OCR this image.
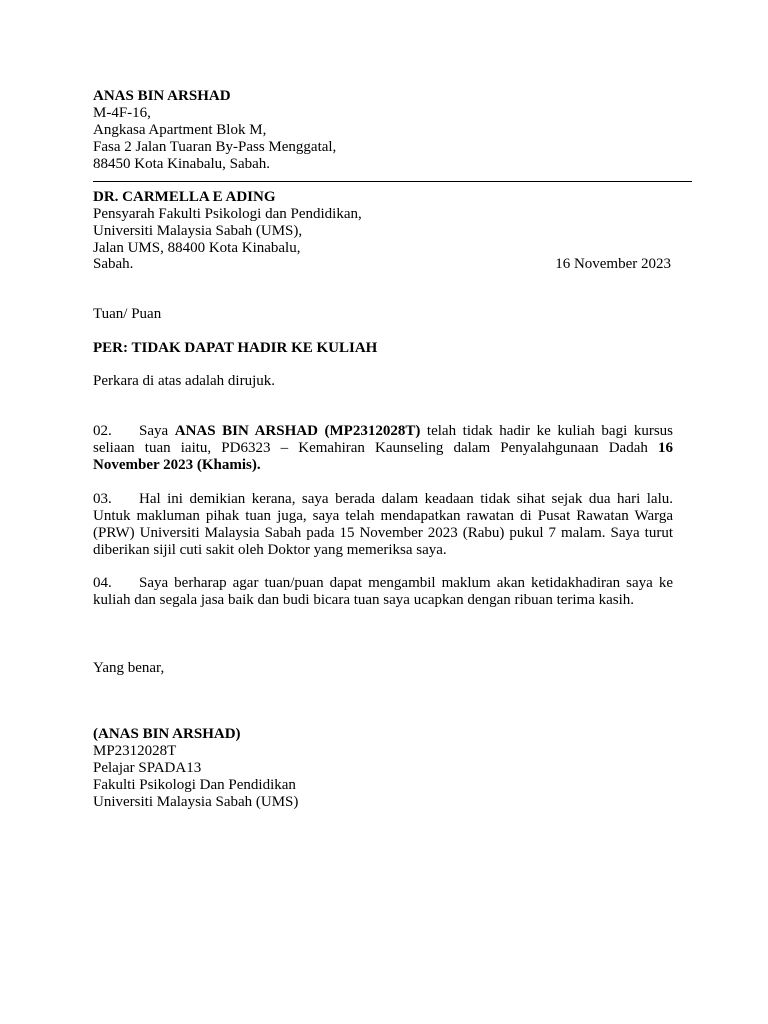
ANAS BIN ARSHAD
M-4F-16,
Angkasa Apartment Blok M,
Fasa 2 Jalan Tuaran By-Pass Menggatal,
88450 Kota Kinabalu, Sabah.
DR. CARMELLA E ADING
Pensyarah Fakulti Psikologi dan Pendidikan,
Universiti Malaysia Sabah (UMS),
Jalan UMS, 88400 Kota Kinabalu,
Sabah.	16 November 2023
Tuan/ Puan
PER: TIDAK DAPAT HADIR KE KULIAH
Perkara di atas adalah dirujuk.
02. Saya ANAS BIN ARSHAD (MP2312028T) telah tidak hadir ke kuliah bagi kursus seliaan tuan iaitu, PD6323 – Kemahiran Kaunseling dalam Penyalahgunaan Dadah 16 November 2023 (Khamis).
03. Hal ini demikian kerana, saya berada dalam keadaan tidak sihat sejak dua hari lalu. Untuk makluman pihak tuan juga, saya telah mendapatkan rawatan di Pusat Rawatan Warga (PRW) Universiti Malaysia Sabah pada 15 November 2023 (Rabu) pukul 7 malam. Saya turut diberikan sijil cuti sakit oleh Doktor yang memeriksa saya.
04. Saya berharap agar tuan/puan dapat mengambil maklum akan ketidakhadiran saya ke kuliah dan segala jasa baik dan budi bicara tuan saya ucapkan dengan ribuan terima kasih.
Yang benar,
(ANAS BIN ARSHAD)
MP2312028T
Pelajar SPADA13
Fakulti Psikologi Dan Pendidikan
Universiti Malaysia Sabah (UMS)
